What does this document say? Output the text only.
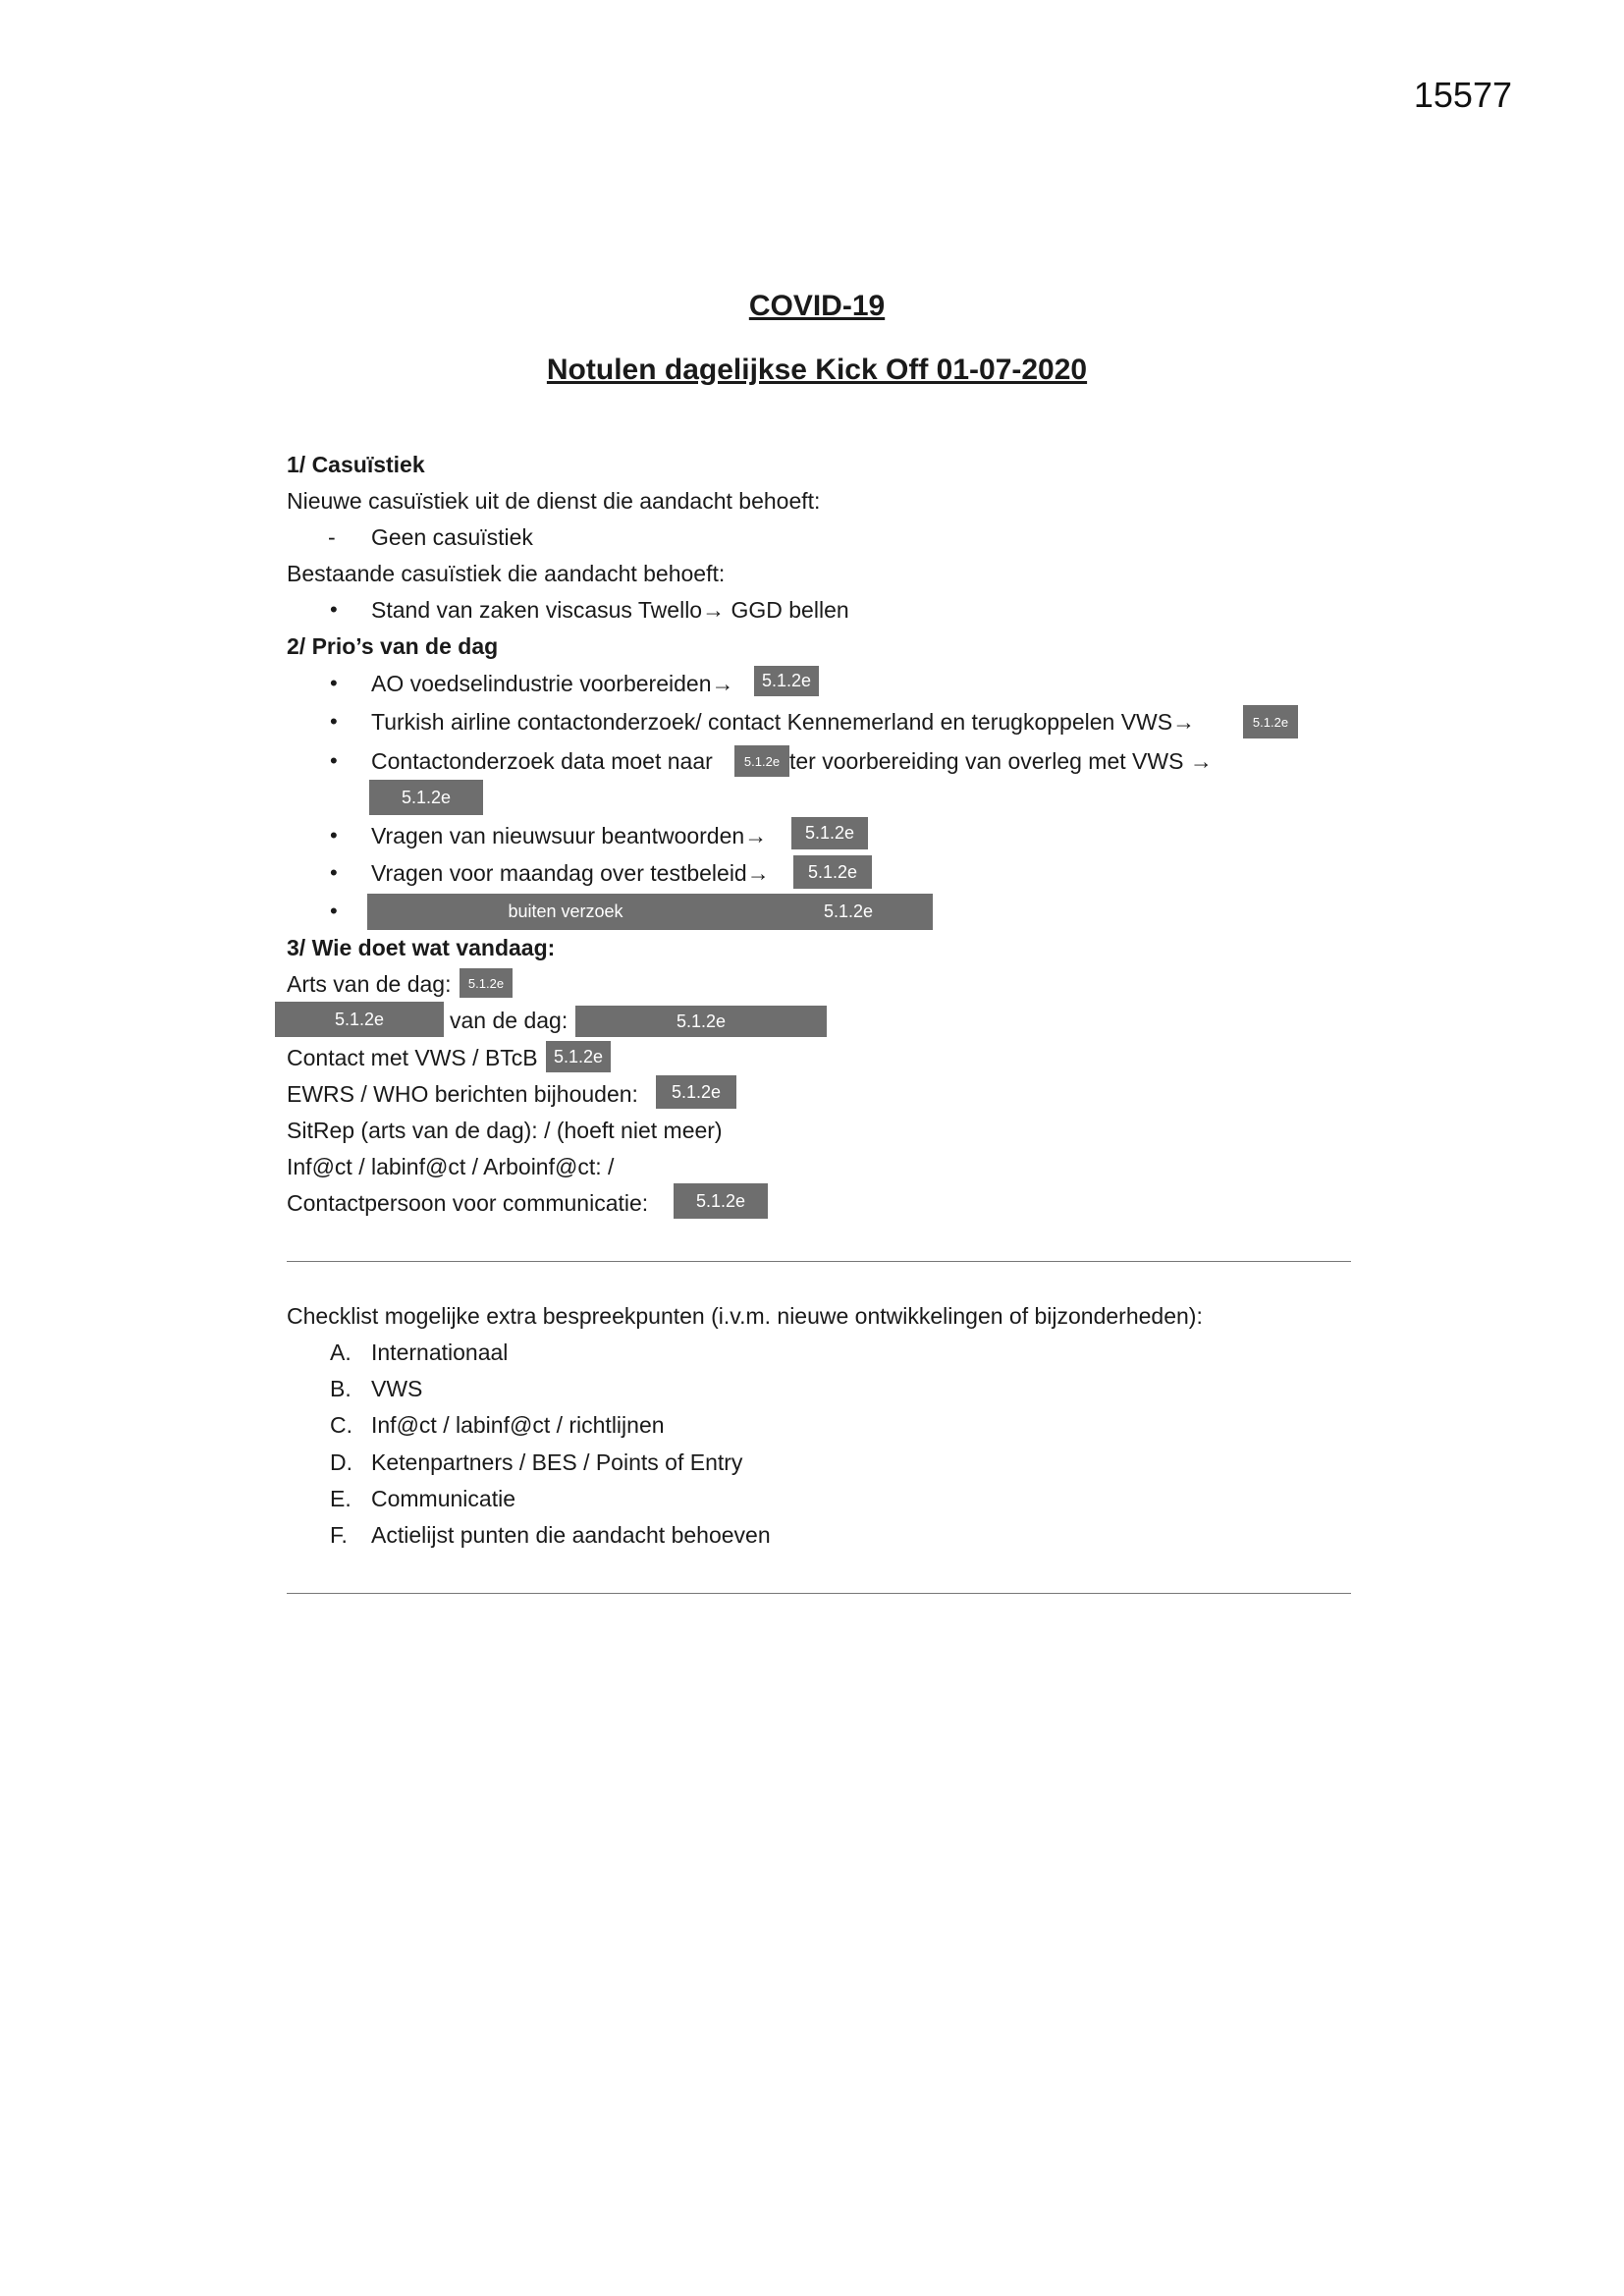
15577
COVID-19
Notulen dagelijkse Kick Off 01-07-2020
1/ Casuïstiek
Nieuwe casuïstiek uit de dienst die aandacht behoeft:
- Geen casuïstiek
Bestaande casuïstiek die aandacht behoeft:
• Stand van zaken viscasus Twello→ GGD bellen
2/ Prio’s van de dag
• AO voedselindustrie voorbereiden→	5.1.2e
• Turkish airline contactonderzoek/ contact Kennemerland en terugkoppelen VWS→	5.1.2e
• Contactonderzoek data moet naar	5.1.2e ter voorbereiding van overleg met VWS →
5.1.2e
• Vragen van nieuwsuur beantwoorden→	5.1.2e
• Vragen voor maandag over testbeleid→	5.1.2e
•	buiten verzoek	5.1.2e
3/ Wie doet wat vandaag:
Arts van de dag:	5.1.2e
5.1.2e	van de dag:	5.1.2e
Contact met VWS / BTcB 5.1.2e
EWRS / WHO berichten bijhouden:	5.1.2e
SitRep (arts van de dag): / (hoeft niet meer)
Inf@ct / labinf@ct / Arboinf@ct: /
Contactpersoon voor communicatie:	5.1.2e
Checklist mogelijke extra bespreekpunten (i.v.m. nieuwe ontwikkelingen of bijzonderheden):
A. Internationaal
B. VWS
C. Inf@ct / labinf@ct / richtlijnen
D. Ketenpartners / BES / Points of Entry
E. Communicatie
F. Actielijst punten die aandacht behoeven
